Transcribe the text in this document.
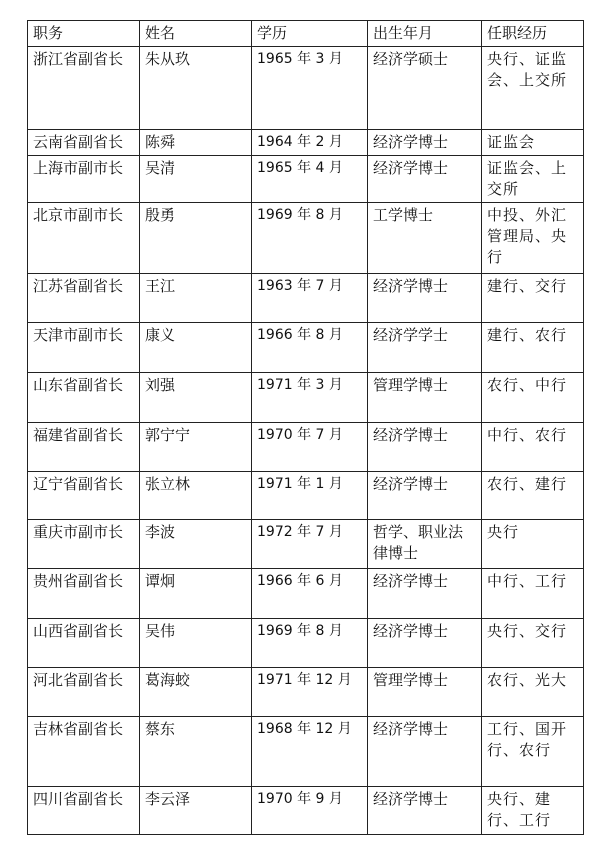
职务	姓名	学历	出生年月	任职经历
浙江省副省长	朱从玖	1965 年 3 月	经济学硕士	央行、证监会、上交所
云南省副省长	陈舜	1964 年 2 月	经济学博士	证监会
上海市副市长	吴清	1965 年 4 月	经济学博士	证监会、上交所
北京市副市长	殷勇	1969 年 8 月	工学博士	中投、外汇管理局、央行
江苏省副省长	王江	1963 年 7 月	经济学博士	建行、交行
天津市副市长	康义	1966 年 8 月	经济学学士	建行、农行
山东省副省长	刘强	1971 年 3 月	管理学博士	农行、中行
福建省副省长	郭宁宁	1970 年 7 月	经济学博士	中行、农行
辽宁省副省长	张立林	1971 年 1 月	经济学博士	农行、建行
重庆市副市长	李波	1972 年 7 月	哲学、职业法律博士	央行
贵州省副省长	谭炯	1966 年 6 月	经济学博士	中行、工行
山西省副省长	吴伟	1969 年 8 月	经济学博士	央行、交行
河北省副省长	葛海蛟	1971 年 12 月	管理学博士	农行、光大
吉林省副省长	蔡东	1968 年 12 月	经济学博士	工行、国开行、农行
四川省副省长	李云泽	1970 年 9 月	经济学博士	央行、建行、工行
